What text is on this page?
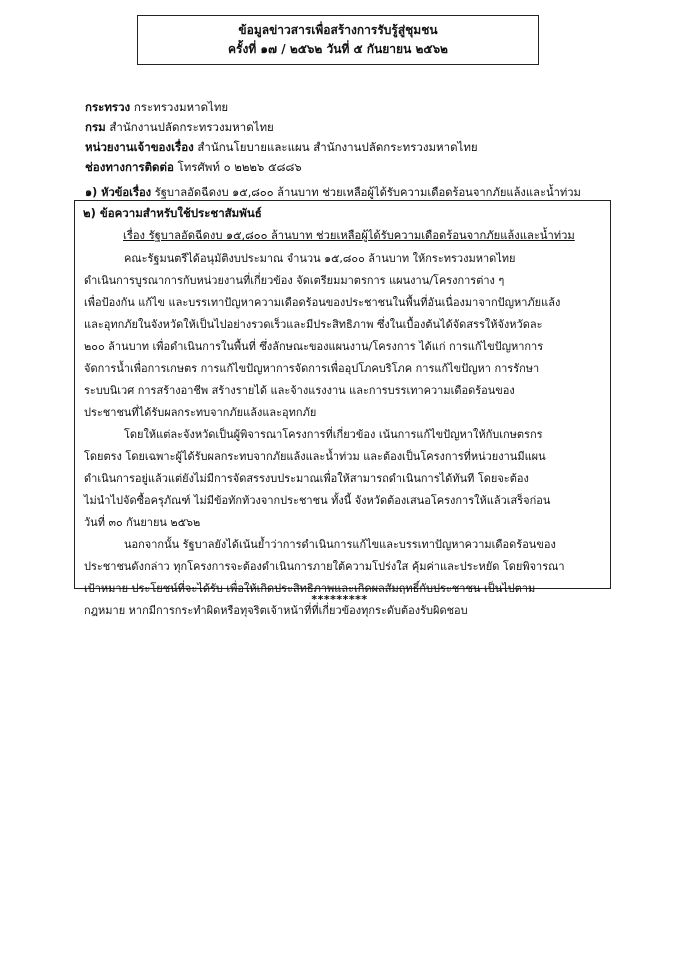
ข้อมูลข่าวสารเพื่อสร้างการรับรู้สู่ชุมชน
ครั้งที่ ๑๗ / ๒๕๖๒ วันที่ ๕ กันยายน ๒๕๖๒
กระทรวง กระทรวงมหาดไทย
กรม สำนักงานปลัดกระทรวงมหาดไทย
หน่วยงานเจ้าของเรื่อง สำนักนโยบายและแผน สำนักงานปลัดกระทรวงมหาดไทย
ช่องทางการติดต่อ โทรศัพท์ ๐ ๒๒๒๖ ๕๘๘๖
๑) หัวข้อเรื่อง รัฐบาลอัดฉีดงบ ๑๕,๘๐๐ ล้านบาท ช่วยเหลือผู้ได้รับความเดือดร้อนจากภัยแล้งและน้ำท่วม
๒) ข้อความสำหรับใช้ประชาสัมพันธ์
เรื่อง รัฐบาลอัดฉีดงบ ๑๕,๘๐๐ ล้านบาท ช่วยเหลือผู้ได้รับความเดือดร้อนจากภัยแล้งและน้ำท่วม
คณะรัฐมนตรีได้อนุมัติงบประมาณ จำนวน ๑๕,๘๐๐ ล้านบาท ให้กระทรวงมหาดไทย
ดำเนินการบูรณาการกับหน่วยงานที่เกี่ยวข้อง จัดเตรียมมาตรการ แผนงาน/โครงการต่าง ๆ
เพื่อป้องกัน แก้ไข และบรรเทาปัญหาความเดือดร้อนของประชาชนในพื้นที่อันเนื่องมาจากปัญหาภัยแล้ง
และอุทกภัยในจังหวัดให้เป็นไปอย่างรวดเร็วและมีประสิทธิภาพ ซึ่งในเบื้องต้นได้จัดสรรให้จังหวัดละ
๒๐๐ ล้านบาท เพื่อดำเนินการในพื้นที่ ซึ่งลักษณะของแผนงาน/โครงการ ได้แก่ การแก้ไขปัญหาการ
จัดการน้ำเพื่อการเกษตร การแก้ไขปัญหาการจัดการเพื่ออุปโภคบริโภค การแก้ไขปัญหา การรักษา
ระบบนิเวศ การสร้างอาชีพ สร้างรายได้ และจ้างแรงงาน และการบรรเทาความเดือดร้อนของ
ประชาชนที่ได้รับผลกระทบจากภัยแล้งและอุทกภัย
โดยให้แต่ละจังหวัดเป็นผู้พิจารณาโครงการที่เกี่ยวข้อง เน้นการแก้ไขปัญหาให้กับเกษตรกร
โดยตรง โดยเฉพาะผู้ได้รับผลกระทบจากภัยแล้งและน้ำท่วม และต้องเป็นโครงการที่หน่วยงานมีแผน
ดำเนินการอยู่แล้วแต่ยังไม่มีการจัดสรรงบประมาณเพื่อให้สามารถดำเนินการได้ทันที โดยจะต้อง
ไม่นำไปจัดซื้อครุภัณฑ์ ไม่มีข้อทักท้วงจากประชาชน ทั้งนี้ จังหวัดต้องเสนอโครงการให้แล้วเสร็จก่อน
วันที่ ๓๐ กันยายน ๒๕๖๒
นอกจากนั้น รัฐบาลยังได้เน้นย้ำว่าการดำเนินการแก้ไขและบรรเทาปัญหาความเดือดร้อนของ
ประชาชนดังกล่าว ทุกโครงการจะต้องดำเนินการภายใต้ความโปร่งใส คุ้มค่าและประหยัด โดยพิจารณา
เป้าหมาย ประโยชน์ที่จะได้รับ เพื่อให้เกิดประสิทธิภาพและเกิดผลสัมฤทธิ์กับประชาชน เป็นไปตาม
กฎหมาย หากมีการกระทำผิดหรือทุจริตเจ้าหน้าที่ที่เกี่ยวข้องทุกระดับต้องรับผิดชอบ
*********
